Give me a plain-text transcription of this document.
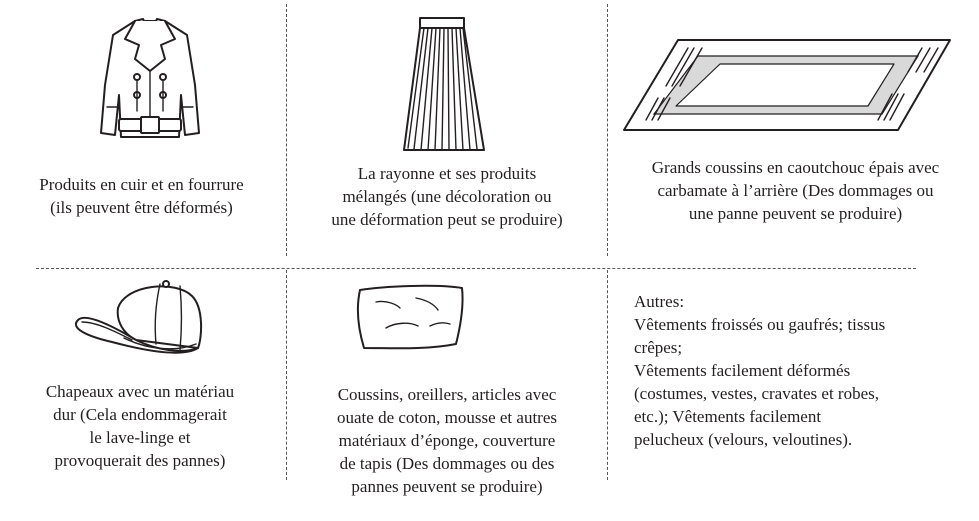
Produits en cuir et en fourrure
(ils peuvent être déformés)
La rayonne et ses produits
mélangés (une décoloration ou
une déformation peut se produire)
Grands coussins en caoutchouc épais avec
carbamate à l’arrière (Des dommages ou
une panne peuvent se produire)
Chapeaux avec un matériau
dur (Cela endommagerait
le lave-linge et
provoquerait des pannes)
Coussins, oreillers, articles avec
ouate de coton, mousse et autres
matériaux d’éponge, couverture
de tapis (Des dommages ou des
pannes peuvent se produire)
Autres:
Vêtements froissés ou gaufrés; tissus
crêpes;
Vêtements facilement déformés
(costumes, vestes, cravates et robes,
etc.); Vêtements facilement
pelucheux (velours, veloutines).
